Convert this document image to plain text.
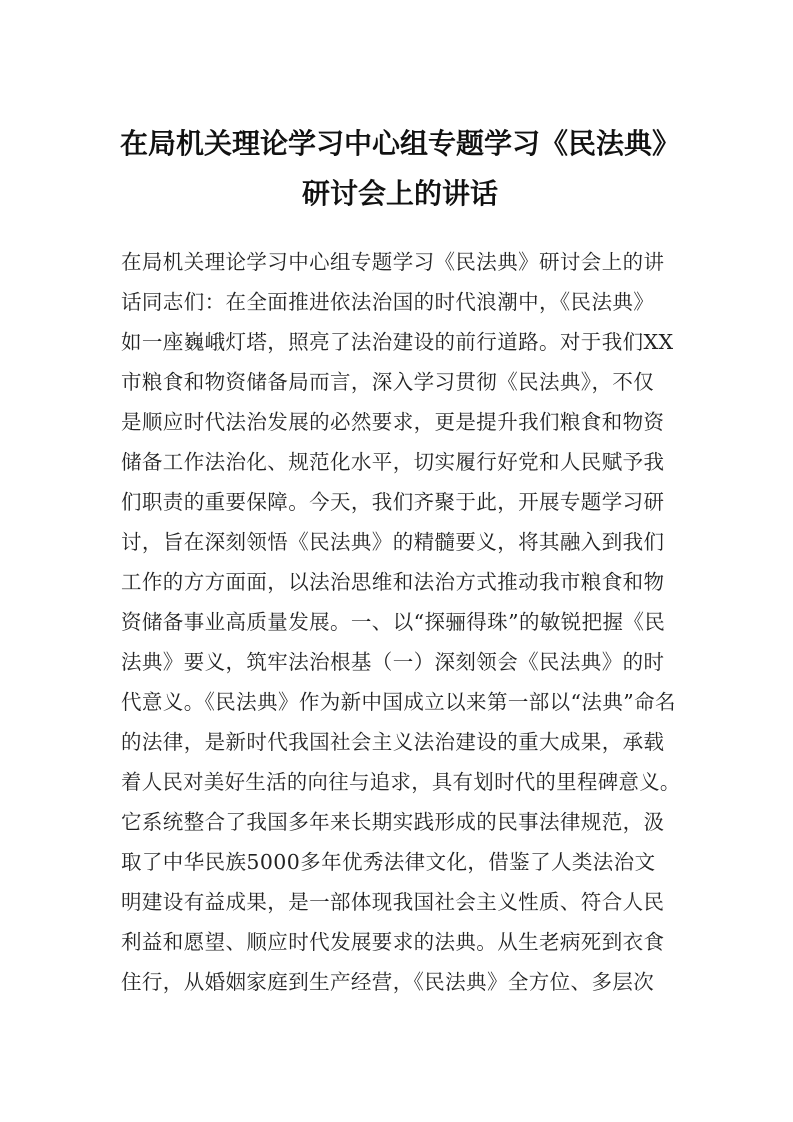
在局机关理论学习中心组专题学习《民法典》
研讨会上的讲话
在局机关理论学习中心组专题学习《民法典》研讨会上的讲
话同志们：在全面推进依法治国的时代浪潮中，《民法典》
如一座巍峨灯塔，照亮了法治建设的前行道路。对于我们XX
市粮食和物资储备局而言，深入学习贯彻《民法典》，不仅
是顺应时代法治发展的必然要求，更是提升我们粮食和物资
储备工作法治化、规范化水平，切实履行好党和人民赋予我
们职责的重要保障。今天，我们齐聚于此，开展专题学习研
讨，旨在深刻领悟《民法典》的精髓要义，将其融入到我们
工作的方方面面，以法治思维和法治方式推动我市粮食和物
资储备事业高质量发展。一、以“探骊得珠”的敏锐把握《民
法典》要义，筑牢法治根基（一）深刻领会《民法典》的时
代意义。《民法典》作为新中国成立以来第一部以“法典”命名
的法律，是新时代我国社会主义法治建设的重大成果，承载
着人民对美好生活的向往与追求，具有划时代的里程碑意义。
它系统整合了我国多年来长期实践形成的民事法律规范，汲
取了中华民族5000多年优秀法律文化，借鉴了人类法治文
明建设有益成果，是一部体现我国社会主义性质、符合人民
利益和愿望、顺应时代发展要求的法典。从生老病死到衣食
住行，从婚姻家庭到生产经营，《民法典》全方位、多层次
